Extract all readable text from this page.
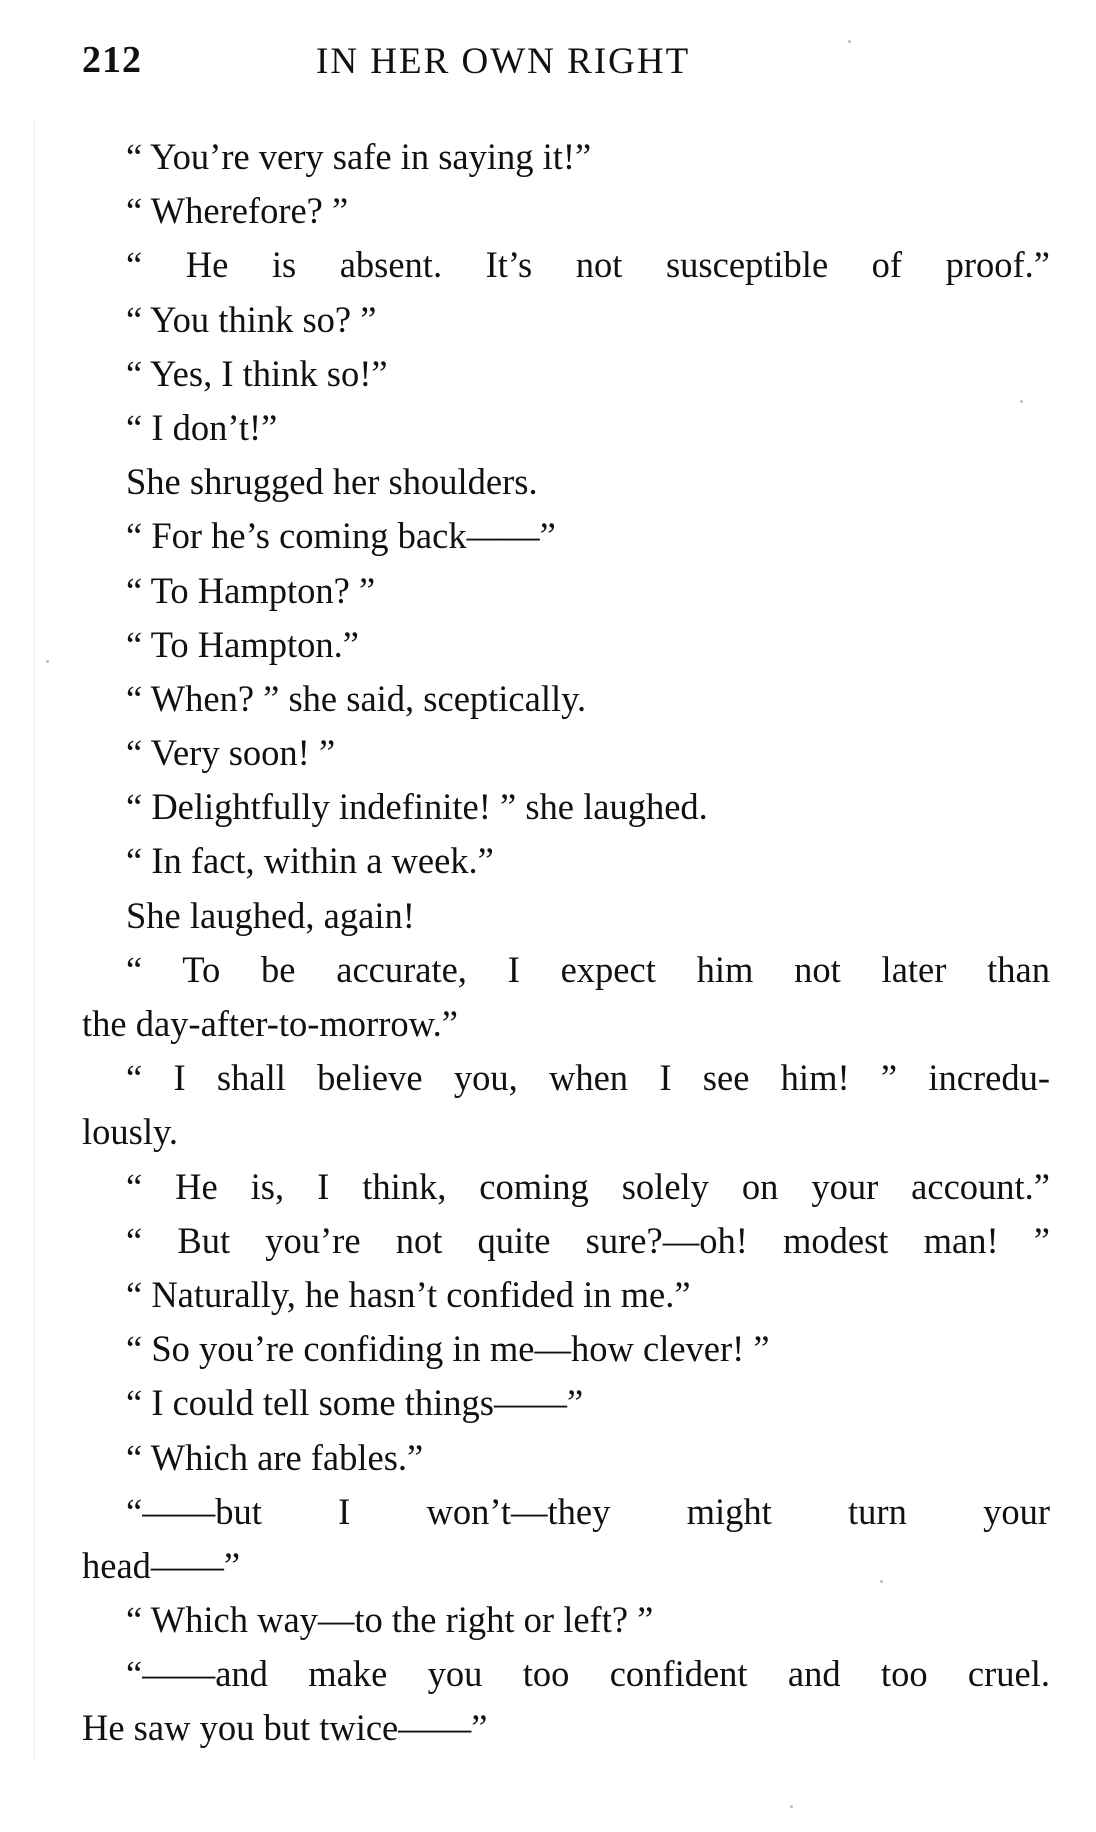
212	IN HER OWN RIGHT
“ You’re very safe in saying it!”
“ Wherefore? ”
“ He is absent. It’s not susceptible of proof.”
“ You think so? ”
“ Yes, I think so!”
“ I don’t!”
She shrugged her shoulders.
“ For he’s coming back——”
“ To Hampton? ”
“ To Hampton.”
“ When? ” she said, sceptically.
“ Very soon! ”
“ Delightfully indefinite! ” she laughed.
“ In fact, within a week.”
She laughed, again!
“ To be accurate, I expect him not later than
the day-after-to-morrow.”
“ I shall believe you, when I see him! ” incredu-
lously.
“ He is, I think, coming solely on your account.”
“ But you’re not quite sure?—oh! modest man! ”
“ Naturally, he hasn’t confided in me.”
“ So you’re confiding in me—how clever! ”
“ I could tell some things——”
“ Which are fables.”
“——but I won’t—they might turn your
head——”
“ Which way—to the right or left? ”
“——and make you too confident and too cruel.
He saw you but twice——”
